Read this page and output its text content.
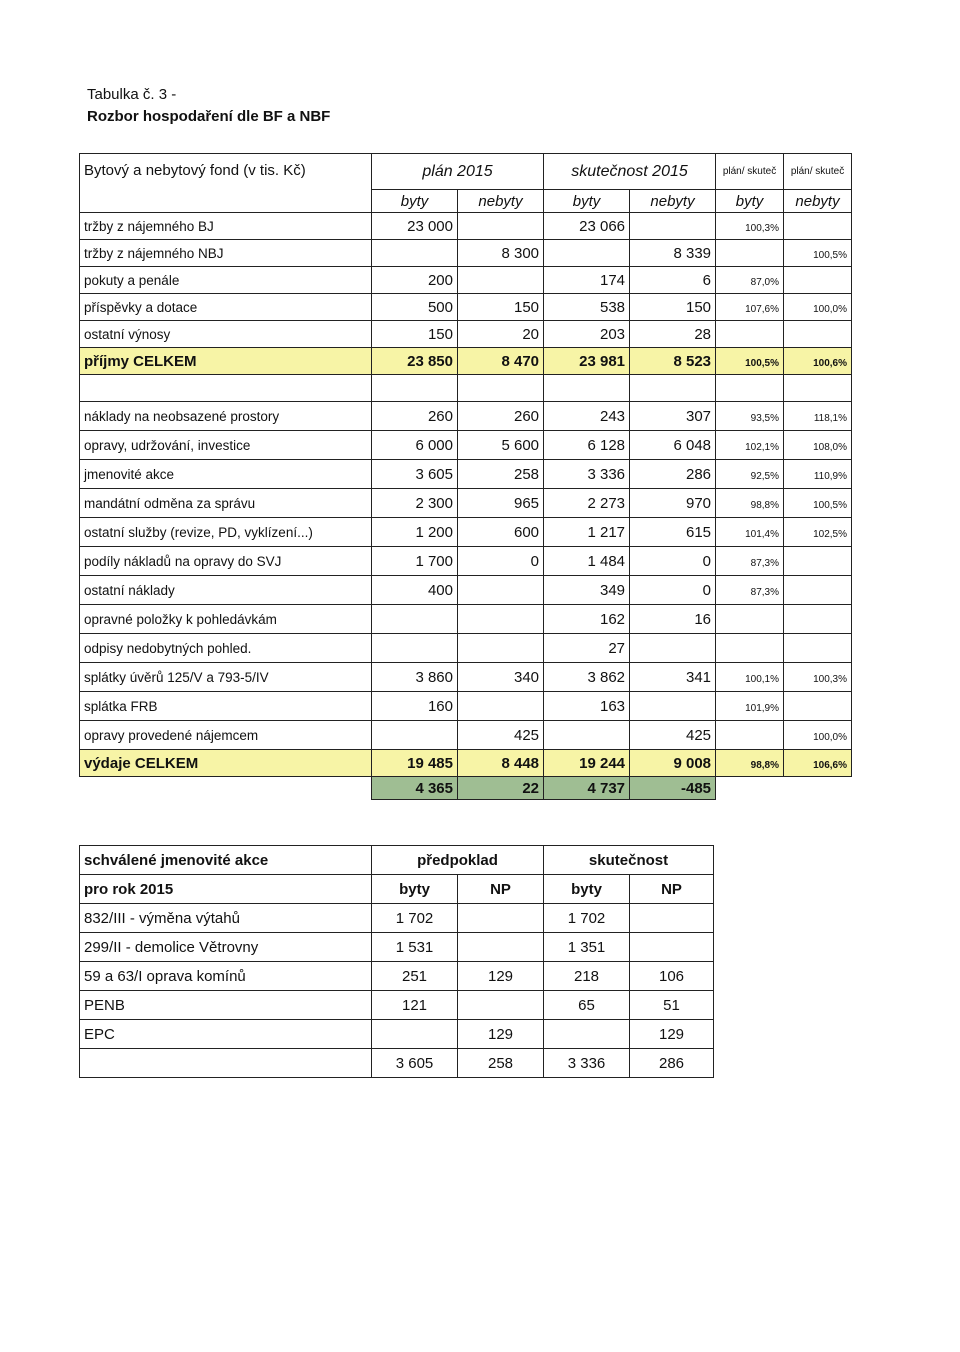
Tabulka č. 3 -
Rozbor hospodaření dle BF a NBF
Bytový a nebytový fond (v tis. Kč)	plán 2015		skutečnost 2015		plán/ skuteč	plán/ skuteč
	byty	nebyty	byty	nebyty	byty	nebyty
tržby z nájemného BJ	23 000		23 066		100,3%	
tržby z nájemného NBJ		8 300		8 339		100,5%
pokuty a penále	200		174	6	87,0%	
příspěvky a dotace	500	150	538	150	107,6%	100,0%
ostatní výnosy	150	20	203	28		
příjmy CELKEM	23 850	8 470	23 981	8 523	100,5%	100,6%

náklady na neobsazené prostory	260	260	243	307	93,5%	118,1%
opravy, udržování, investice	6 000	5 600	6 128	6 048	102,1%	108,0%
jmenovité akce	3 605	258	3 336	286	92,5%	110,9%
mandátní odměna za správu	2 300	965	2 273	970	98,8%	100,5%
ostatní služby (revize, PD, vyklízení...)	1 200	600	1 217	615	101,4%	102,5%
podíly nákladů na opravy do SVJ	1 700	0	1 484	0	87,3%	
ostatní náklady	400		349	0	87,3%	
opravné položky k pohledávkám			162	16		
odpisy nedobytných pohled.			27			
splátky úvěrů 125/V a 793-5/IV	3 860	340	3 862	341	100,1%	100,3%
splátka FRB	160		163		101,9%	
opravy provedené nájemcem		425		425		100,0%
výdaje CELKEM	19 485	8 448	19 244	9 008	98,8%	106,6%
	4 365	22	4 737	-485		
schválené jmenovité akce	předpoklad		skutečnost	
pro rok 2015	byty	NP	byty	NP
832/III - výměna výtahů	1 702		1 702	
299/II - demolice Větrovny	1 531		1 351	
59 a 63/I oprava komínů	251	129	218	106
PENB	121		65	51
EPC		129		129
	3 605	258	3 336	286
